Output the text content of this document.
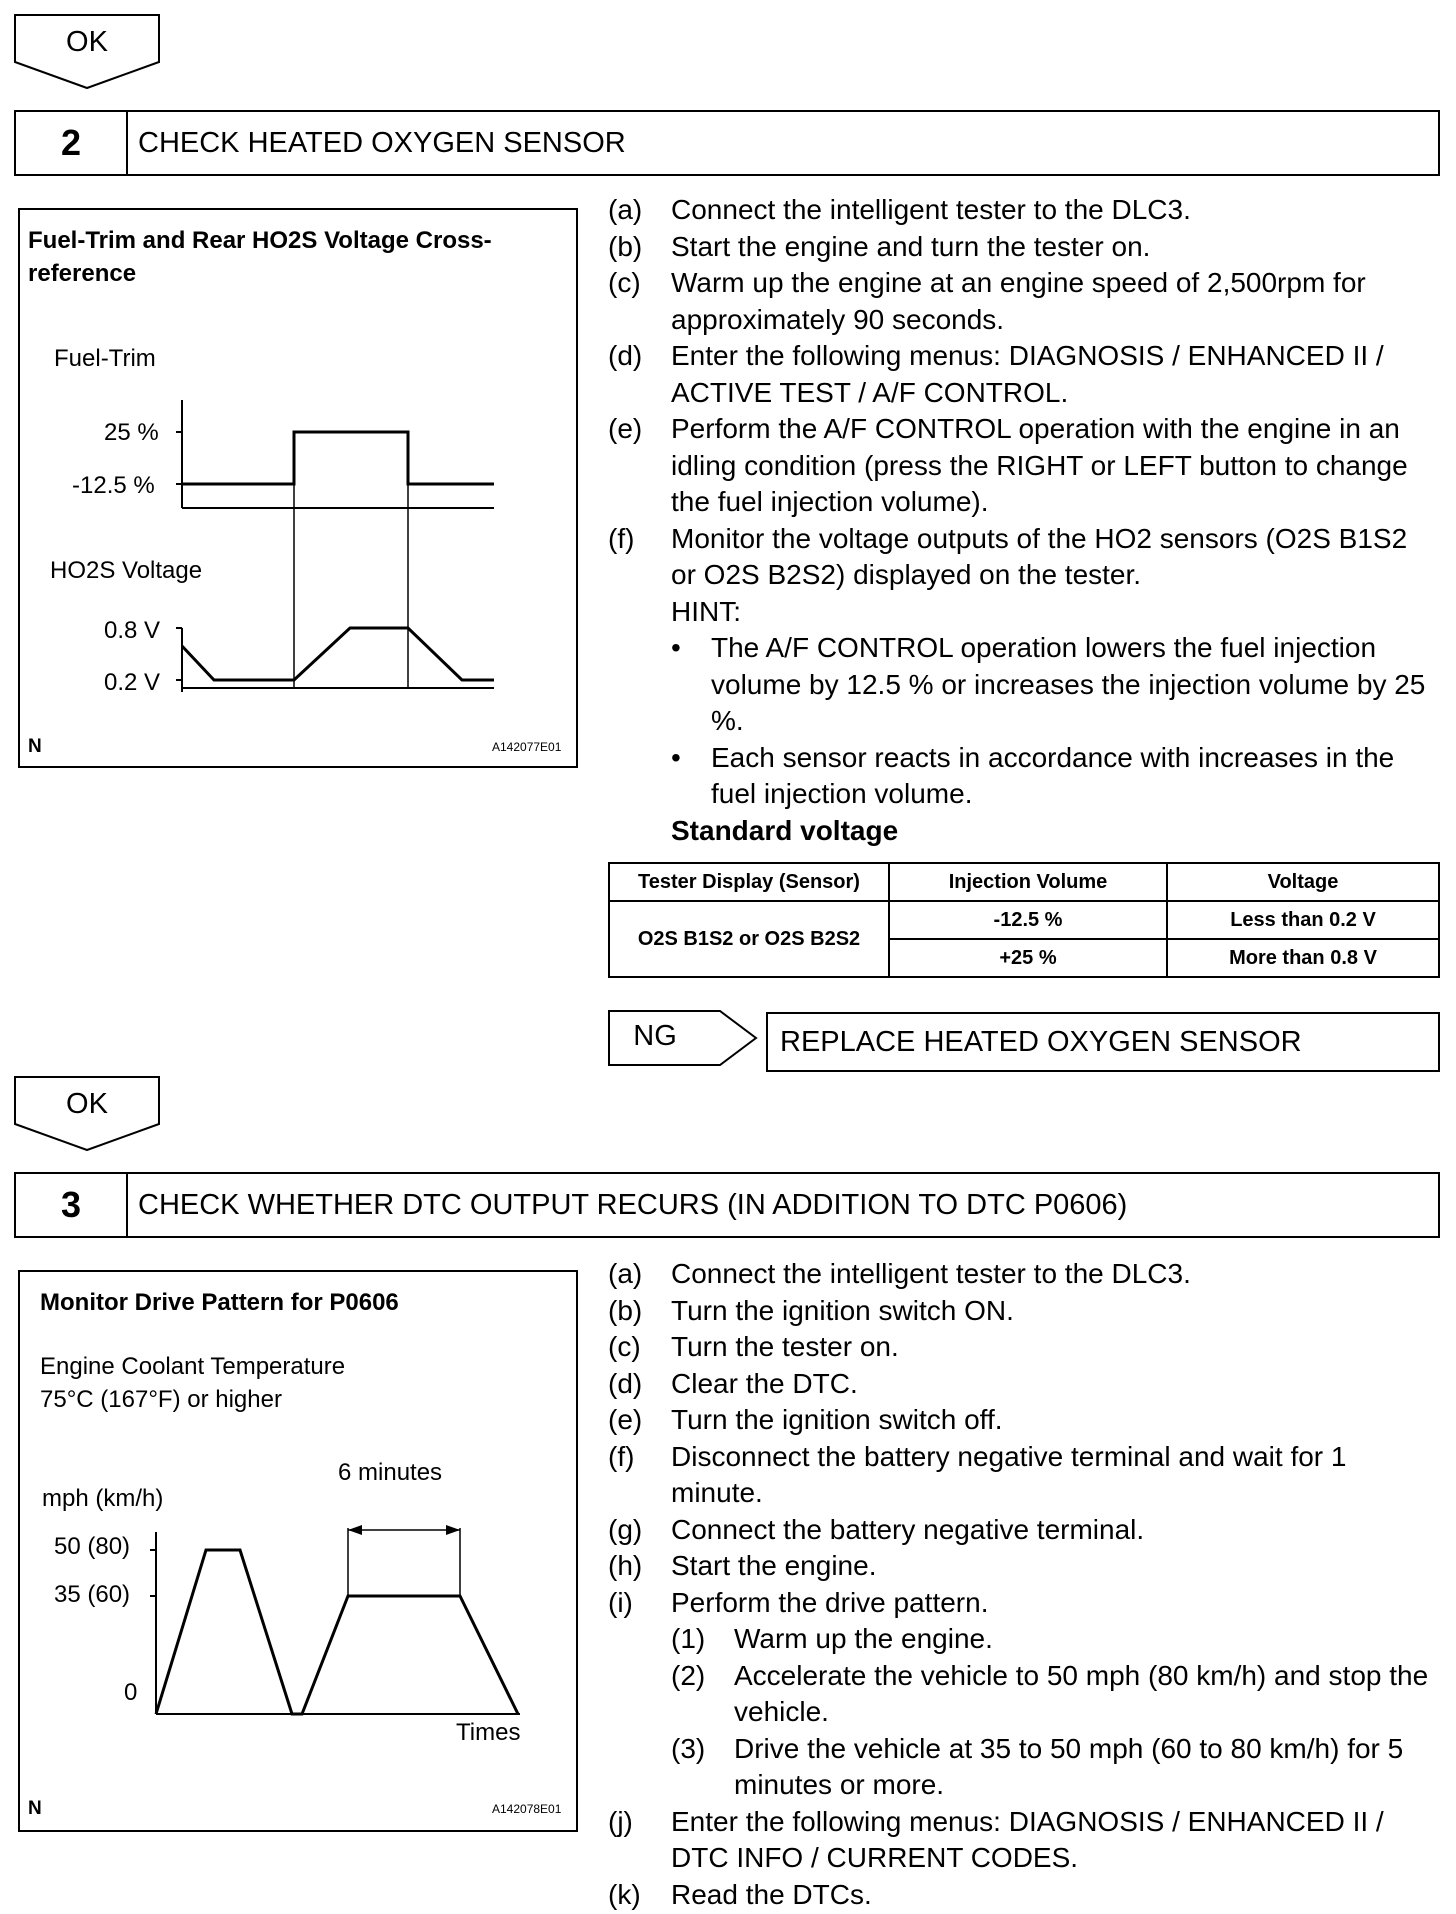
OK
2	CHECK HEATED OXYGEN SENSOR
Fuel-Trim and Rear HO2S Voltage Cross-
reference
Fuel-Trim
25 %
-12.5 %
HO2S Voltage
0.8 V
0.2 V
N	A142077E01
(a)	Connect the intelligent tester to the DLC3.
(b)	Start the engine and turn the tester on.
(c)	Warm up the engine at an engine speed of 2,500rpm for approximately 90 seconds.
(d)	Enter the following menus: DIAGNOSIS / ENHANCED II / ACTIVE TEST / A/F CONTROL.
(e)	Perform the A/F CONTROL operation with the engine in an idling condition (press the RIGHT or LEFT button to change the fuel injection volume).
(f)	Monitor the voltage outputs of the HO2 sensors (O2S B1S2 or O2S B2S2) displayed on the tester.
HINT:
•	The A/F CONTROL operation lowers the fuel injection volume by 12.5 % or increases the injection volume by 25 %.
•	Each sensor reacts in accordance with increases in the fuel injection volume.
Standard voltage
Tester Display (Sensor)	Injection Volume	Voltage
O2S B1S2 or O2S B2S2	-12.5 %	Less than 0.2 V
	+25 %	More than 0.8 V
NG	REPLACE HEATED OXYGEN SENSOR
OK
3	CHECK WHETHER DTC OUTPUT RECURS (IN ADDITION TO DTC P0606)
Monitor Drive Pattern for P0606
Engine Coolant Temperature
75°C (167°F) or higher
6 minutes
mph (km/h)
50 (80)
35 (60)
0
Times
N	A142078E01
(a)	Connect the intelligent tester to the DLC3.
(b)	Turn the ignition switch ON.
(c)	Turn the tester on.
(d)	Clear the DTC.
(e)	Turn the ignition switch off.
(f)	Disconnect the battery negative terminal and wait for 1 minute.
(g)	Connect the battery negative terminal.
(h)	Start the engine.
(i)	Perform the drive pattern.
(1)	Warm up the engine.
(2)	Accelerate the vehicle to 50 mph (80 km/h) and stop the vehicle.
(3)	Drive the vehicle at 35 to 50 mph (60 to 80 km/h) for 5 minutes or more.
(j)	Enter the following menus: DIAGNOSIS / ENHANCED II / DTC INFO / CURRENT CODES.
(k)	Read the DTCs.
